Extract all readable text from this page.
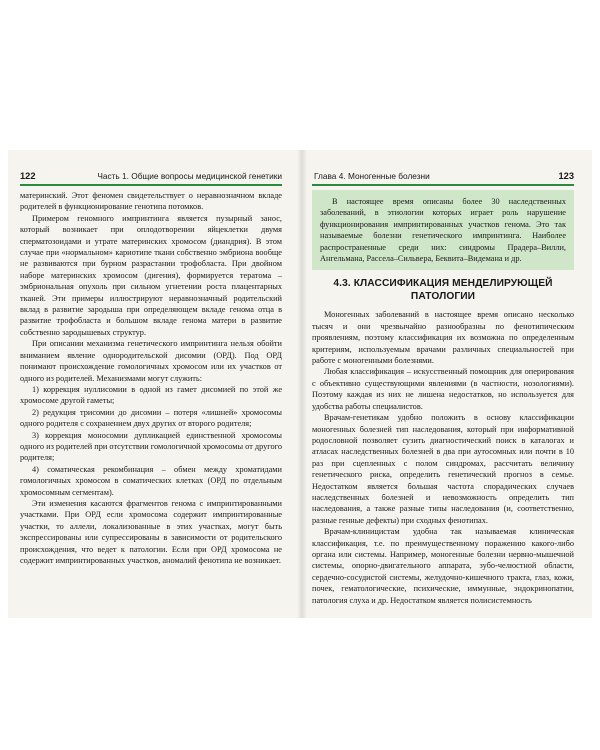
122	Часть 1. Общие вопросы медицинской генетики

материнский. Этот феномен свидетельствует о неравнозначном вкладе родителей в функционирование генотипа потомков.

Примером геномного импринтинга является пузырный занос, который возникает при оплодотворении яйцеклетки двумя сперматозоидами и утрате материнских хромосом (диандрия). В этом случае при «нормальном» кариотипе ткани собственно эмбриона вообще не развиваются при бурном разрастании трофобласта. При двойном наборе материнских хромосом (дигения), формируется тератома – эмбриональная опухоль при сильном угнетении роста плацентарных тканей. Эти примеры иллюстрируют неравнозначный родительский вклад в развитие зародыша при определяющем вкладе генома отца в развитие трофобласта и большом вкладе генома матери в развитие собственно зародышевых структур.

При описании механизма генетического импринтинга нельзя обойти вниманием явление однородительской дисомии (ОРД). Под ОРД понимают происхождение гомологичных хромосом или их участков от одного из родителей. Механизмами могут служить:

1) коррекция нуллисомии в одной из гамет дисомией по этой же хромосоме другой гаметы;

2) редукция трисомии до дисомии – потеря «лишней» хромосомы одного родителя с сохранением двух других от второго родителя;

3) коррекция моносомии дупликацией единственной хромосомы одного из родителей при отсутствии гомологичной хромосомы от другого родителя;

4) соматическая рекомбинация – обмен между хроматидами гомологичных хромосом в соматических клетках (ОРД по отдельным хромосомным сегментам).

Эти изменения касаются фрагментов генома с импринтированными участками. При ОРД если хромосома содержит импринтированные участки, то аллели, локализованные в этих участках, могут быть экспрессированы или супрессированы в зависимости от родительского происхождения, что ведет к патологии. Если при ОРД хромосома не содержит импринтированных участков, аномалий фенотипа не возникает.

Глава 4. Моногенные болезни	123

В настоящее время описаны более 30 наследственных заболеваний, в этиологии которых играет роль нарушение функционирования импринтированных участков генома. Это так называемые болезни генетического импринтинга. Наиболее распространенные среди них: синдромы Прадера–Вилли, Ангельмана, Рассела–Сильвера, Беквита–Видемана и др.

4.3. КЛАССИФИКАЦИЯ МЕНДЕЛИРУЮЩЕЙ ПАТОЛОГИИ

Моногенных заболеваний в настоящее время описано несколько тысяч и они чрезвычайно разнообразны по фенотипическим проявлениям, поэтому классификация их возможна по определенным критериям, используемым врачами различных специальностей при работе с моногенными болезнями.

Любая классификация – искусственный помощник для оперирования с объективно существующими явлениями (в частности, нозологиями). Поэтому каждая из них не лишена недостатков, но используется для удобства работы специалистов.

Врачам-генетикам удобно положить в основу классификации моногенных болезней тип наследования, который при информативной родословной позволяет сузить диагностический поиск в каталогах и атласах наследственных болезней в два при аутосомных или почти в 10 раз при сцепленных с полом синдромах, рассчитать величину генетического риска, определить генетический прогноз в семье. Недостатком является большая частота спорадических случаев наследственных болезней и невозможность определить тип наследования, а также разные типы наследования (и, соответственно, разные генные дефекты) при сходных фенотипах.

Врачам-клиницистам удобна так называемая клиническая классификация, т.е. по преимущественному поражению какого-либо органа или системы. Например, моногенные болезни нервно-мышечной системы, опорно-двигательного аппарата, зубо-челюстной области, сердечно-сосудистой системы, желудочно-кишечного тракта, глаз, кожи, почек, гематологические, психические, иммунные, эндокринопатии, патология слуха и др. Недостатком является полисистемность
